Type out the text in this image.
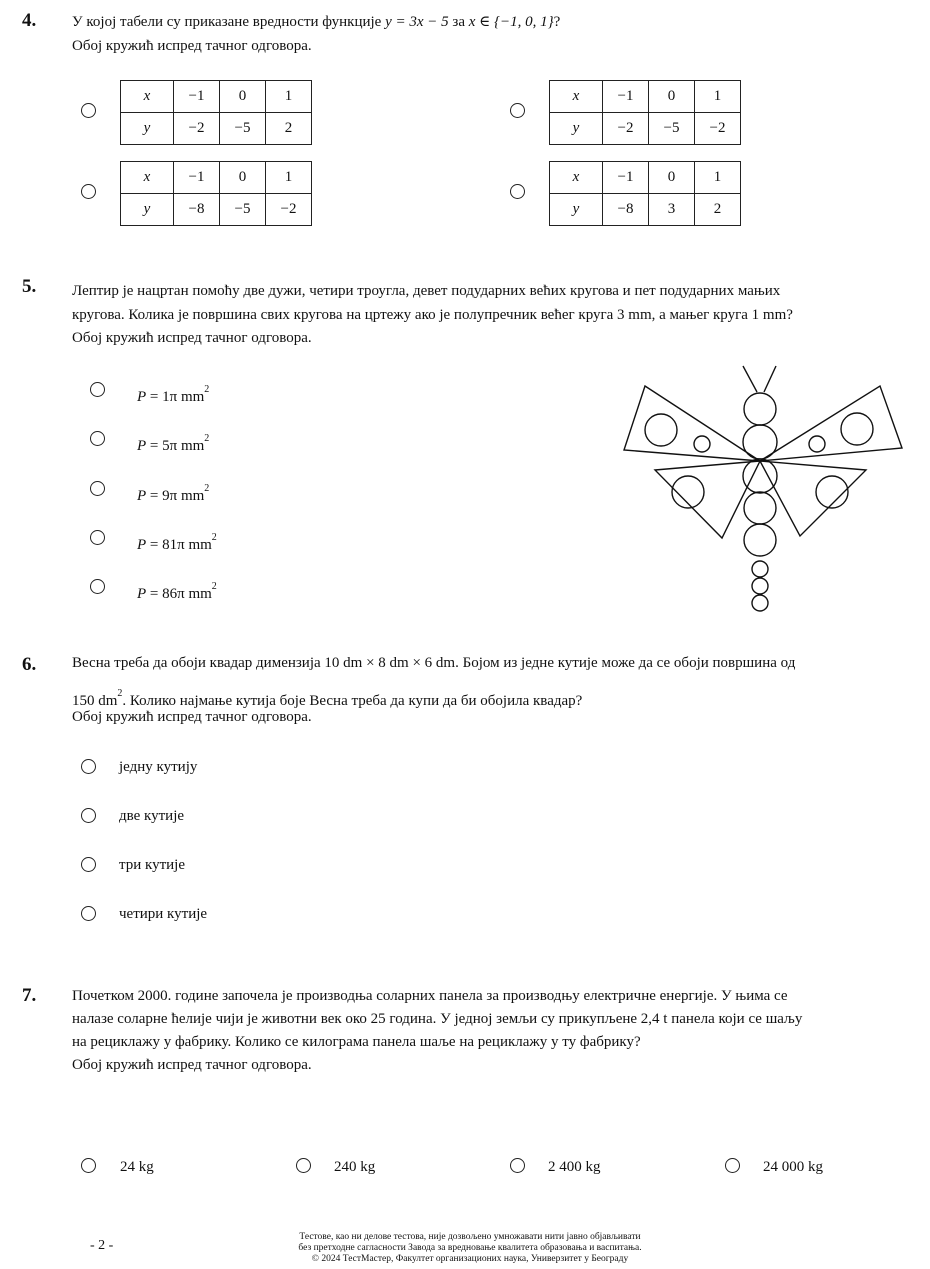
4. У којој табели су приказане вредности функције y = 3x − 5 за x ∈ {−1, 0, 1}?
Обој кружић испред тачног одговора.
x	−1	0	1
y	−2	−5	2
x	−1	0	1
y	−2	−5	−2
x	−1	0	1
y	−8	−5	−2
x	−1	0	1
y	−8	3	2
5. Лептир је нацртан помоћу две дужи, четири троугла, девет подударних већих кругова и пет подударних мањих
кругова. Колика је површина свих кругова на цртежу ако је полупречник већег круга 3 mm, а мањег круга 1 mm?
Обој кружић испред тачног одговора.
P = 1π $mm^2$
P = 5π $mm^2$
P = 9π $mm^2$
P = 81π $mm^2$
P = 86π $mm^2$
6. Весна треба да обоји квадар димензија 10 dm × 8 dm × 6 dm. Бојом из једне кутије може да се обоји површина од
150 $dm^2$. Колико најмање кутија боје Весна треба да купи да би обојила квадар?
Обој кружић испред тачног одговора.
једну кутију
две кутије
три кутије
четири кутије
7. Почетком 2000. године започела је производња соларних панела за производњу електричне енергије. У њима се
налазе соларне ћелије чији је животни век око 25 година. У једној земљи су прикупљене 2,4 t панела који се шаљу
на рециклажу у фабрику. Колико се килограма панела шаље на рециклажу у ту фабрику?
Обој кружић испред тачног одговора.
24 kg	240 kg	2 400 kg	24 000 kg
- 2 -
Тестове, као ни делове тестова, није дозвољено умножавати нити јавно објављивати
без претходне сагласности Завода за вредновање квалитета образовања и васпитања.
© 2024 ТестМастер, Факултет организационих наука, Универзитет у Београду
